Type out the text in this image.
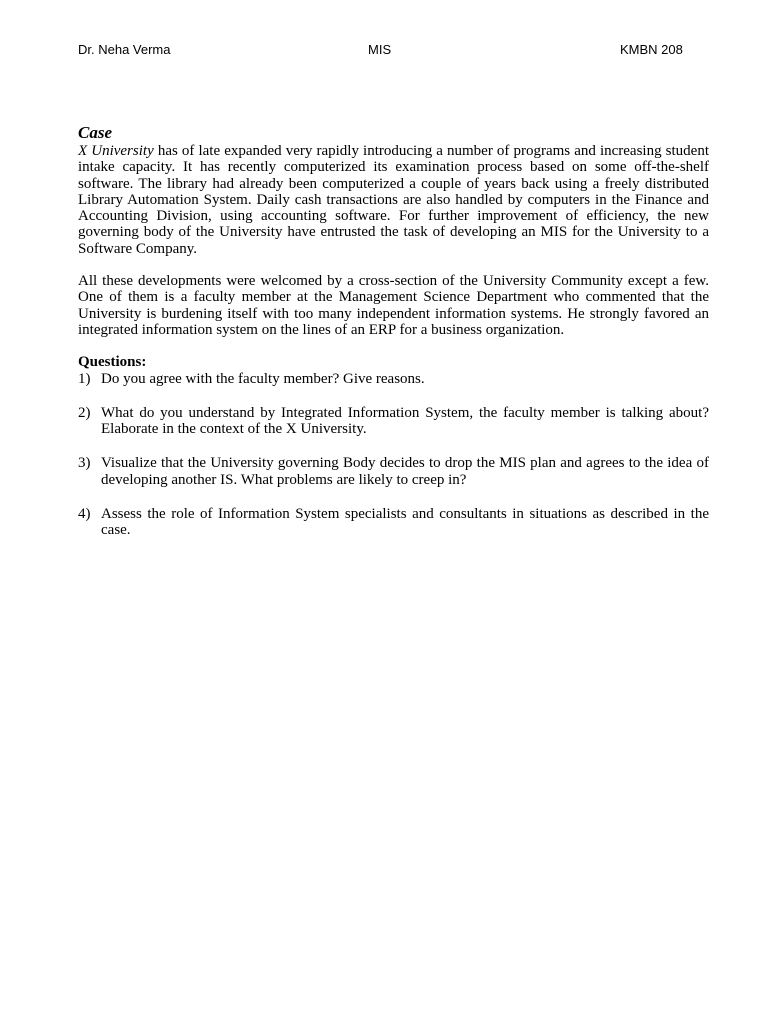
Dr. Neha Verma	MIS	KMBN 208

Case

X University has of late expanded very rapidly introducing a number of programs and increasing student intake capacity. It has recently computerized its examination process based on some off-the-shelf software. The library had already been computerized a couple of years back using a freely distributed Library Automation System. Daily cash transactions are also handled by computers in the Finance and Accounting Division, using accounting software. For further improvement of efficiency, the new governing body of the University have entrusted the task of developing an MIS for the University to a Software Company.

All these developments were welcomed by a cross-section of the University Community except a few. One of them is a faculty member at the Management Science Department who commented that the University is burdening itself with too many independent information systems. He strongly favored an integrated information system on the lines of an ERP for a business organization.

Questions:

1) Do you agree with the faculty member? Give reasons.
2) What do you understand by Integrated Information System, the faculty member is talking about? Elaborate in the context of the X University.
3) Visualize that the University governing Body decides to drop the MIS plan and agrees to the idea of developing another IS. What problems are likely to creep in?
4) Assess the role of Information System specialists and consultants in situations as described in the case.
